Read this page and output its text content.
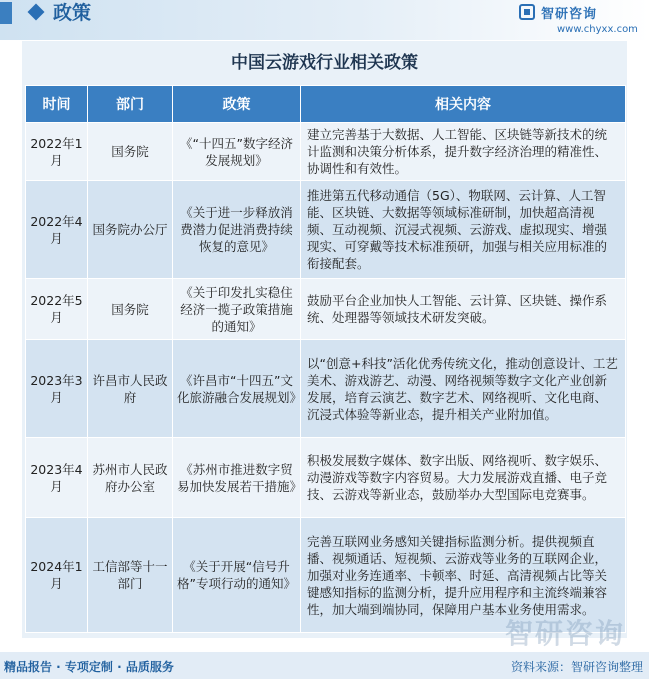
政策	智研咨询
www.chyxx.com
中国云游戏行业相关政策
时间	部门	政策	相关内容
2022年1月	国务院	《“十四五”数字经济发展规划》	建立完善基于大数据、人工智能、区块链等新技术的统计监测和决策分析体系，提升数字经济治理的精准性、协调性和有效性。
2022年4月	国务院办公厅	《关于进一步释放消费潜力促进消费持续恢复的意见》	推进第五代移动通信（5G）、物联网、云计算、人工智能、区块链、大数据等领域标准研制，加快超高清视频、互动视频、沉浸式视频、云游戏、虚拟现实、增强现实、可穿戴等技术标准预研，加强与相关应用标准的衔接配套。
2022年5月	国务院	《关于印发扎实稳住经济一揽子政策措施的通知》	鼓励平台企业加快人工智能、云计算、区块链、操作系统、处理器等领域技术研发突破。
2023年3月	许昌市人民政府	《许昌市“十四五”文化旅游融合发展规划》	以“创意+科技”活化优秀传统文化，推动创意设计、工艺美术、游戏游艺、动漫、网络视频等数字文化产业创新发展，培育云演艺、数字艺术、网络视听、文化电商、沉浸式体验等新业态，提升相关产业附加值。
2023年4月	苏州市人民政府办公室	《苏州市推进数字贸易加快发展若干措施》	积极发展数字媒体、数字出版、网络视听、数字娱乐、动漫游戏等数字内容贸易。大力发展游戏直播、电子竞技、云游戏等新业态，鼓励举办大型国际电竞赛事。
2024年1月	工信部等十一部门	《关于开展“信号升格”专项行动的通知》	完善互联网业务感知关键指标监测分析。提供视频直播、视频通话、短视频、云游戏等业务的互联网企业，加强对业务连通率、卡顿率、时延、高清视频占比等关键感知指标的监测分析，提升应用程序和主流终端兼容性，加大端到端协同，保障用户基本业务使用需求。
智研咨询
精品报告 · 专项定制 · 品质服务	资料来源：智研咨询整理
